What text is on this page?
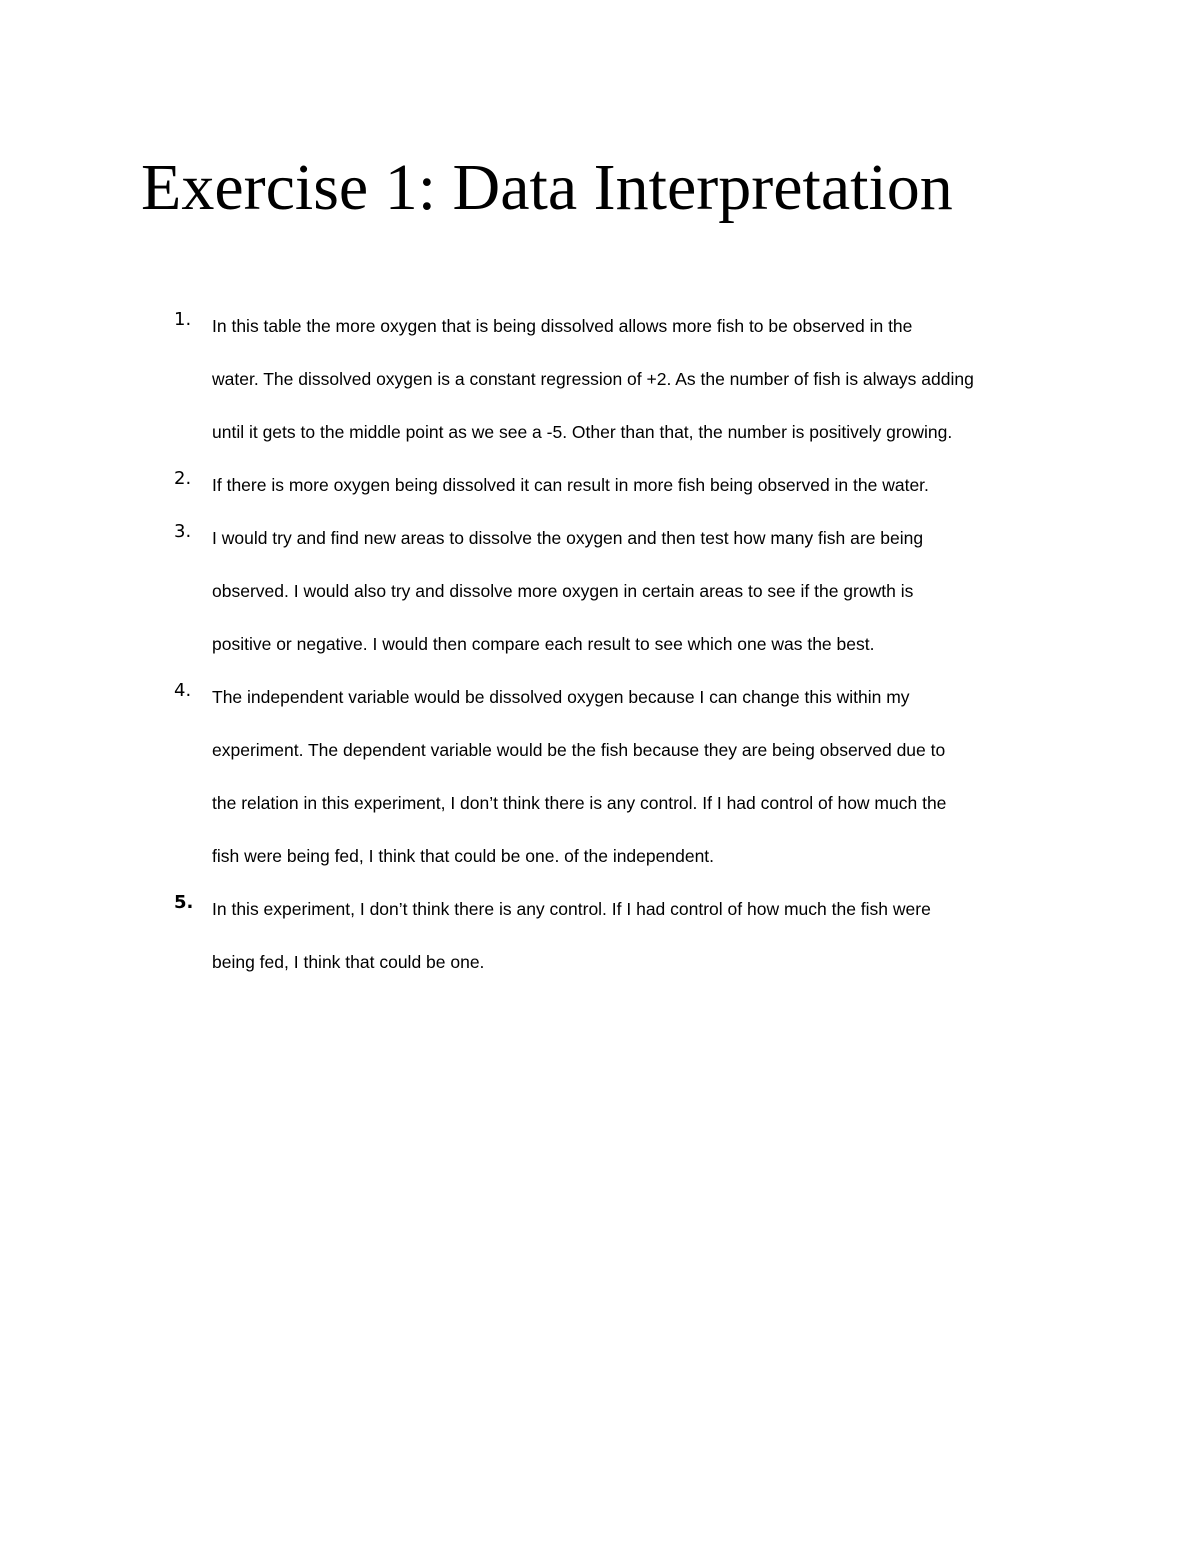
Exercise 1: Data Interpretation
1. In this table the more oxygen that is being dissolved allows more fish to be observed in the
water. The dissolved oxygen is a constant regression of +2. As the number of fish is always adding
until it gets to the middle point as we see a -5. Other than that, the number is positively growing.
2. If there is more oxygen being dissolved it can result in more fish being observed in the water.
3. I would try and find new areas to dissolve the oxygen and then test how many fish are being
observed. I would also try and dissolve more oxygen in certain areas to see if the growth is
positive or negative. I would then compare each result to see which one was the best.
4. The independent variable would be dissolved oxygen because I can change this within my
experiment. The dependent variable would be the fish because they are being observed due to
the relation in this experiment, I don’t think there is any control. If I had control of how much the
fish were being fed, I think that could be one. of the independent.
5. In this experiment, I don’t think there is any control. If I had control of how much the fish were
being fed, I think that could be one.
